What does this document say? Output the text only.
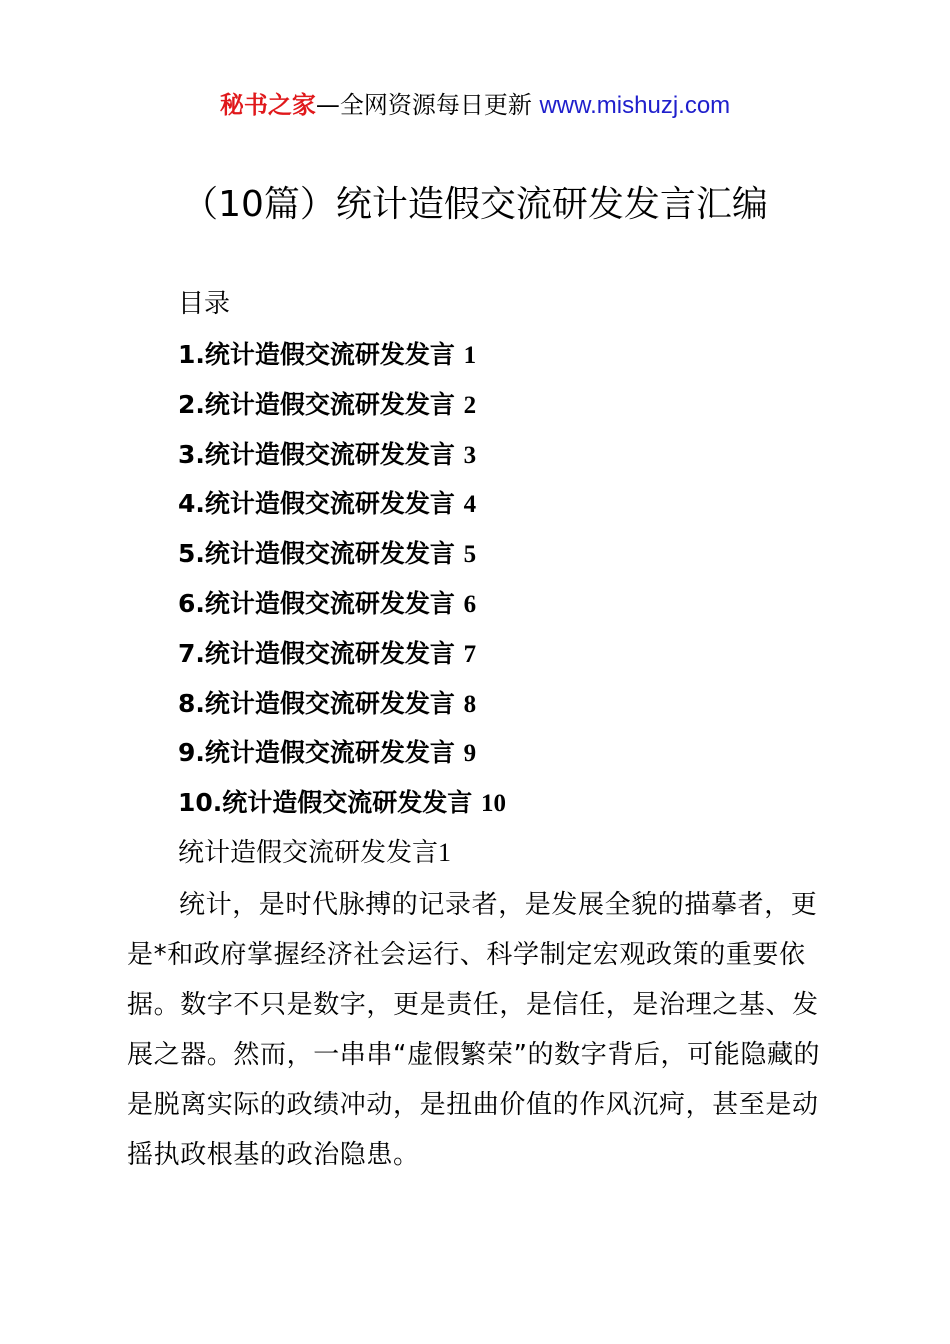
秘书之家—全网资源每日更新 www.mishuzj.com
（10篇）统计造假交流研发发言汇编
目录
1.统计造假交流研发发言 1
2.统计造假交流研发发言 2
3.统计造假交流研发发言 3
4.统计造假交流研发发言 4
5.统计造假交流研发发言 5
6.统计造假交流研发发言 6
7.统计造假交流研发发言 7
8.统计造假交流研发发言 8
9.统计造假交流研发发言 9
10.统计造假交流研发发言 10
统计造假交流研发发言1

统计，是时代脉搏的记录者，是发展全貌的描摹者，更是*和政府掌握经济社会运行、科学制定宏观政策的重要依据。数字不只是数字，更是责任，是信任，是治理之基、发展之器。然而，一串串“虚假繁荣”的数字背后，可能隐藏的是脱离实际的政绩冲动，是扭曲价值的作风沉疴，甚至是动摇执政根基的政治隐患。
